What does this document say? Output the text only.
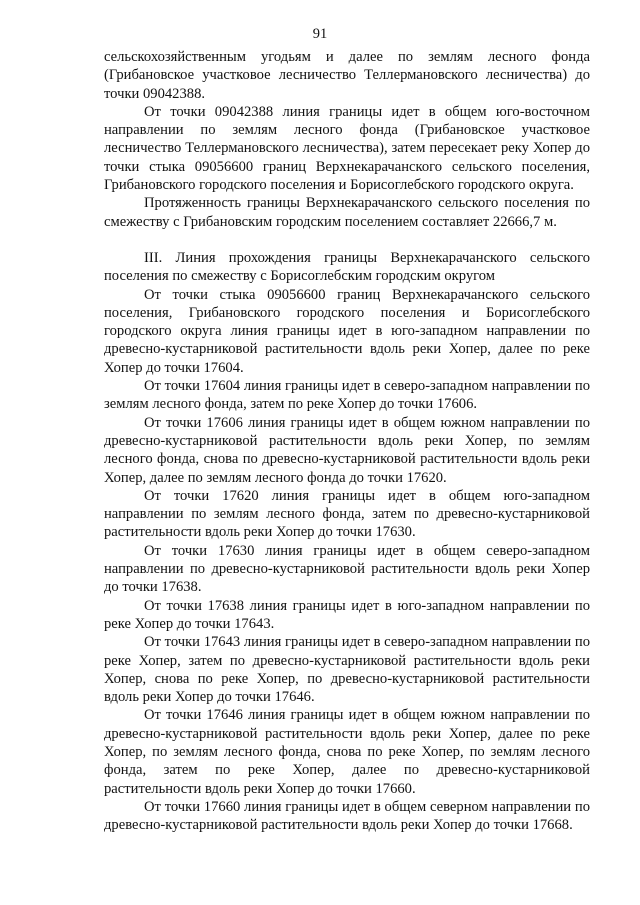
91

сельскохозяйственным угодьям и далее по землям лесного фонда (Грибановское участковое лесничество Теллермановского лесничества) до точки 09042388.

От точки 09042388 линия границы идет в общем юго-восточном направлении по землям лесного фонда (Грибановское участковое лесничество Теллермановского лесничества), затем пересекает реку Хопер до точки стыка 09056600 границ Верхнекарачанского сельского поселения, Грибановского городского поселения и Борисоглебского городского округа.

Протяженность границы Верхнекарачанского сельского поселения по смежеству с Грибановским городским поселением составляет 22666,7 м.

III. Линия прохождения границы Верхнекарачанского сельского поселения по смежеству с Борисоглебским городским округом

От точки стыка 09056600 границ Верхнекарачанского сельского поселения, Грибановского городского поселения и Борисоглебского городского округа линия границы идет в юго-западном направлении по древесно-кустарниковой растительности вдоль реки Хопер, далее по реке Хопер до точки 17604.

От точки 17604 линия границы идет в северо-западном направлении по землям лесного фонда, затем по реке Хопер до точки 17606.

От точки 17606 линия границы идет в общем южном направлении по древесно-кустарниковой растительности вдоль реки Хопер, по землям лесного фонда, снова по древесно-кустарниковой растительности вдоль реки Хопер, далее по землям лесного фонда до точки 17620.

От точки 17620 линия границы идет в общем юго-западном направлении по землям лесного фонда, затем по древесно-кустарниковой растительности вдоль реки Хопер до точки 17630.

От точки 17630 линия границы идет в общем северо-западном направлении по древесно-кустарниковой растительности вдоль реки Хопер до точки 17638.

От точки 17638 линия границы идет в юго-западном направлении по реке Хопер до точки 17643.

От точки 17643 линия границы идет в северо-западном направлении по реке Хопер, затем по древесно-кустарниковой растительности вдоль реки Хопер, снова по реке Хопер, по древесно-кустарниковой растительности вдоль реки Хопер до точки 17646.

От точки 17646 линия границы идет в общем южном направлении по древесно-кустарниковой растительности вдоль реки Хопер, далее по реке Хопер, по землям лесного фонда, снова по реке Хопер, по землям лесного фонда, затем по реке Хопер, далее по древесно-кустарниковой растительности вдоль реки Хопер до точки 17660.

От точки 17660 линия границы идет в общем северном направлении по древесно-кустарниковой растительности вдоль реки Хопер до точки 17668.
